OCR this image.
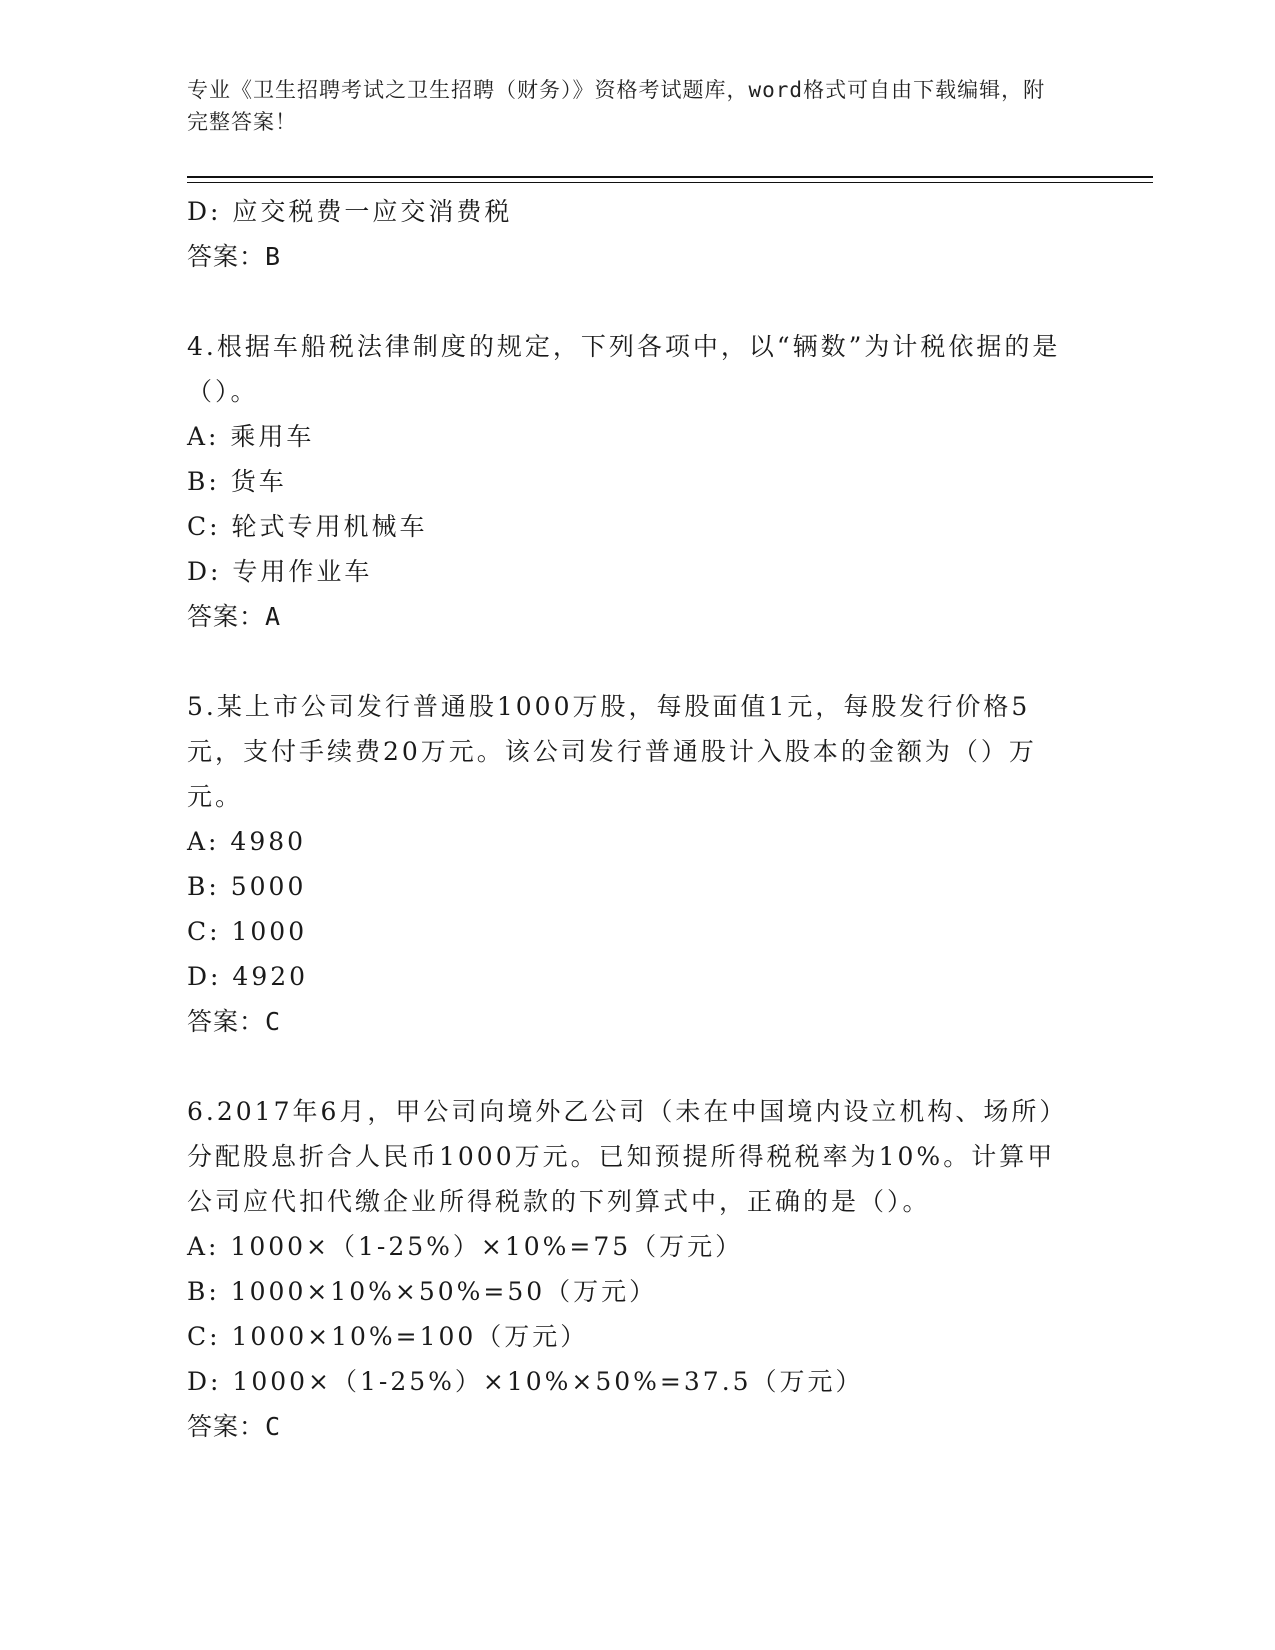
专业《卫生招聘考试之卫生招聘（财务）》资格考试题库，word格式可自由下载编辑，附完整答案！
D: 应交税费一应交消费税
答案：B
4.根据车船税法律制度的规定，下列各项中，以“辆数”为计税依据的是（）。
A: 乘用车
B: 货车
C: 轮式专用机械车
D: 专用作业车
答案：A
5.某上市公司发行普通股1000万股，每股面值1元，每股发行价格5元，支付手续费20万元。该公司发行普通股计入股本的金额为（）万元。
A: 4980
B: 5000
C: 1000
D: 4920
答案：C
6.2017年6月，甲公司向境外乙公司（未在中国境内设立机构、场所）分配股息折合人民币1000万元。已知预提所得税税率为10%。计算甲公司应代扣代缴企业所得税款的下列算式中，正确的是（）。
A: 1000×（1-25%）×10%=75（万元）
B: 1000×10%×50%=50（万元）
C: 1000×10%=100（万元）
D: 1000×（1-25%）×10%×50%=37.5（万元）
答案：C
